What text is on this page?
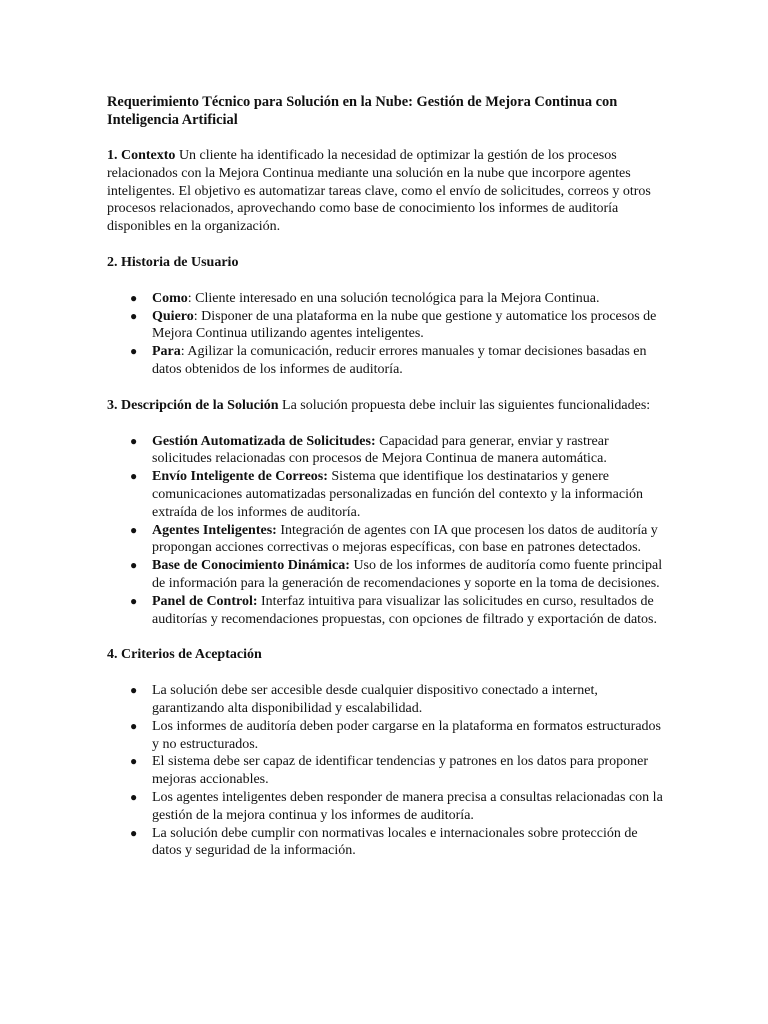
Requerimiento Técnico para Solución en la Nube: Gestión de Mejora Continua con Inteligencia Artificial
1. Contexto Un cliente ha identificado la necesidad de optimizar la gestión de los procesos relacionados con la Mejora Continua mediante una solución en la nube que incorpore agentes inteligentes. El objetivo es automatizar tareas clave, como el envío de solicitudes, correos y otros procesos relacionados, aprovechando como base de conocimiento los informes de auditoría disponibles en la organización.
2. Historia de Usuario
● Como: Cliente interesado en una solución tecnológica para la Mejora Continua.
● Quiero: Disponer de una plataforma en la nube que gestione y automatice los procesos de Mejora Continua utilizando agentes inteligentes.
● Para: Agilizar la comunicación, reducir errores manuales y tomar decisiones basadas en datos obtenidos de los informes de auditoría.
3. Descripción de la Solución La solución propuesta debe incluir las siguientes funcionalidades:
● Gestión Automatizada de Solicitudes: Capacidad para generar, enviar y rastrear solicitudes relacionadas con procesos de Mejora Continua de manera automática.
● Envío Inteligente de Correos: Sistema que identifique los destinatarios y genere comunicaciones automatizadas personalizadas en función del contexto y la información extraída de los informes de auditoría.
● Agentes Inteligentes: Integración de agentes con IA que procesen los datos de auditoría y propongan acciones correctivas o mejoras específicas, con base en patrones detectados.
● Base de Conocimiento Dinámica: Uso de los informes de auditoría como fuente principal de información para la generación de recomendaciones y soporte en la toma de decisiones.
● Panel de Control: Interfaz intuitiva para visualizar las solicitudes en curso, resultados de auditorías y recomendaciones propuestas, con opciones de filtrado y exportación de datos.
4. Criterios de Aceptación
● La solución debe ser accesible desde cualquier dispositivo conectado a internet, garantizando alta disponibilidad y escalabilidad.
● Los informes de auditoría deben poder cargarse en la plataforma en formatos estructurados y no estructurados.
● El sistema debe ser capaz de identificar tendencias y patrones en los datos para proponer mejoras accionables.
● Los agentes inteligentes deben responder de manera precisa a consultas relacionadas con la gestión de la mejora continua y los informes de auditoría.
● La solución debe cumplir con normativas locales e internacionales sobre protección de datos y seguridad de la información.
